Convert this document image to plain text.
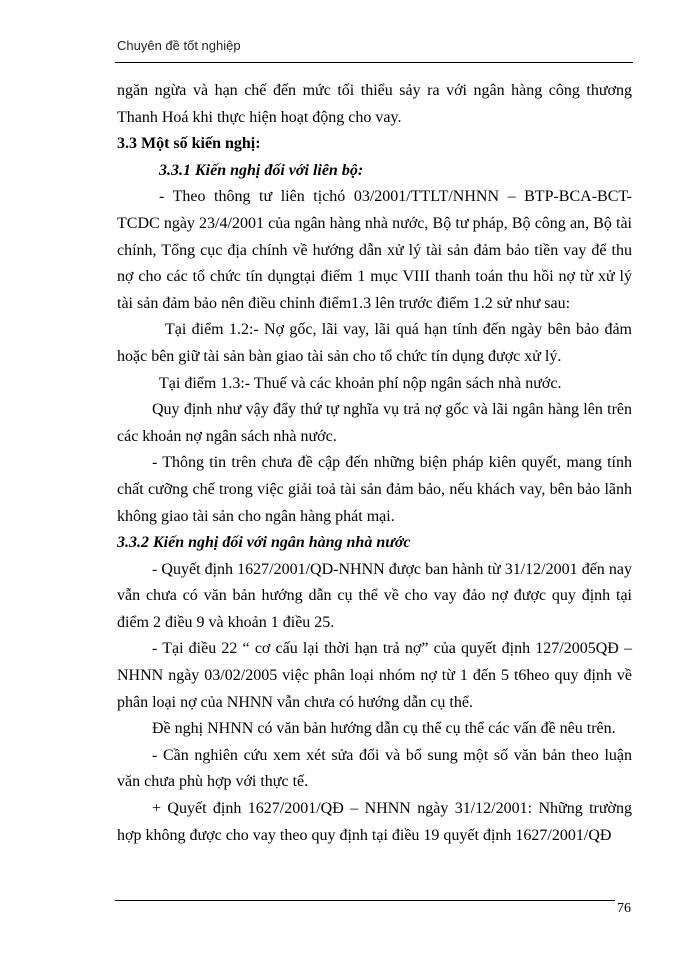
Chuyên đề tốt nghiệp

ngăn ngừa và hạn chế đến mức tối thiểu sảy ra với ngân hàng công thương Thanh Hoá khi thực hiện hoạt động cho vay.

3.3 Một số kiến nghị:

3.3.1 Kiến nghị đối với liên bộ:

- Theo thông tư liên tịchó 03/2001/TTLT/NHNN – BTP-BCA-BCT-TCDC ngày 23/4/2001 của ngân hàng nhà nước, Bộ tư pháp, Bộ công an, Bộ tài chính, Tổng cục địa chính về hướng dẫn xử lý tài sản đảm bảo tiền vay để thu nợ cho các tổ chức tín dụngtại điểm 1 mục VIII thanh toán thu hồi nợ từ xử lý tài sản đảm bảo nên điều chỉnh điểm1.3 lên trước điểm 1.2 sử như sau:

Tại điểm 1.2:- Nợ gốc, lãi vay, lãi quá hạn tính đến ngày bên bảo đảm hoặc bên giữ tài sản bàn giao tài sản cho tổ chức tín dụng được xử lý.

Tại điểm 1.3:- Thuế và các khoản phí nộp ngân sách nhà nước.

Quy định như vậy đẩy thứ tự nghĩa vụ trả nợ gốc và lãi ngân hàng lên trên các khoản nợ ngân sách nhà nước.

- Thông tin trên chưa đề cập đến những biện pháp kiên quyết, mang tính chất cưỡng chế trong việc giải toả tài sản đảm bảo, nếu khách vay, bên bảo lãnh không giao tài sản cho ngân hàng phát mại.

3.3.2 Kiến nghị đối với ngân hàng nhà nước

- Quyết định 1627/2001/QD-NHNN được ban hành từ 31/12/2001 đến nay vẫn chưa có văn bản hướng dẫn cụ thể về cho vay đảo nợ được quy định tại điểm 2 điều 9 và khoản 1 điều 25.

- Tại điều 22 “ cơ cấu lại thời hạn trả nợ” của quyết định 127/2005QĐ – NHNN ngày 03/02/2005 việc phân loại nhóm nợ từ 1 đến 5 t6heo quy định về phân loại nợ của NHNN vẫn chưa có hướng dẫn cụ thể.

Đề nghị NHNN có văn bản hướng dẫn cụ thể cụ thể các vấn đề nêu trên.

- Cần nghiên cứu xem xét sửa đổi và bổ sung một số văn bản theo luận văn chưa phù hợp với thực tế.

+ Quyết định 1627/2001/QĐ – NHNN ngày 31/12/2001: Những trường hợp không được cho vay theo quy định tại điều 19 quyết định 1627/2001/QĐ

76
